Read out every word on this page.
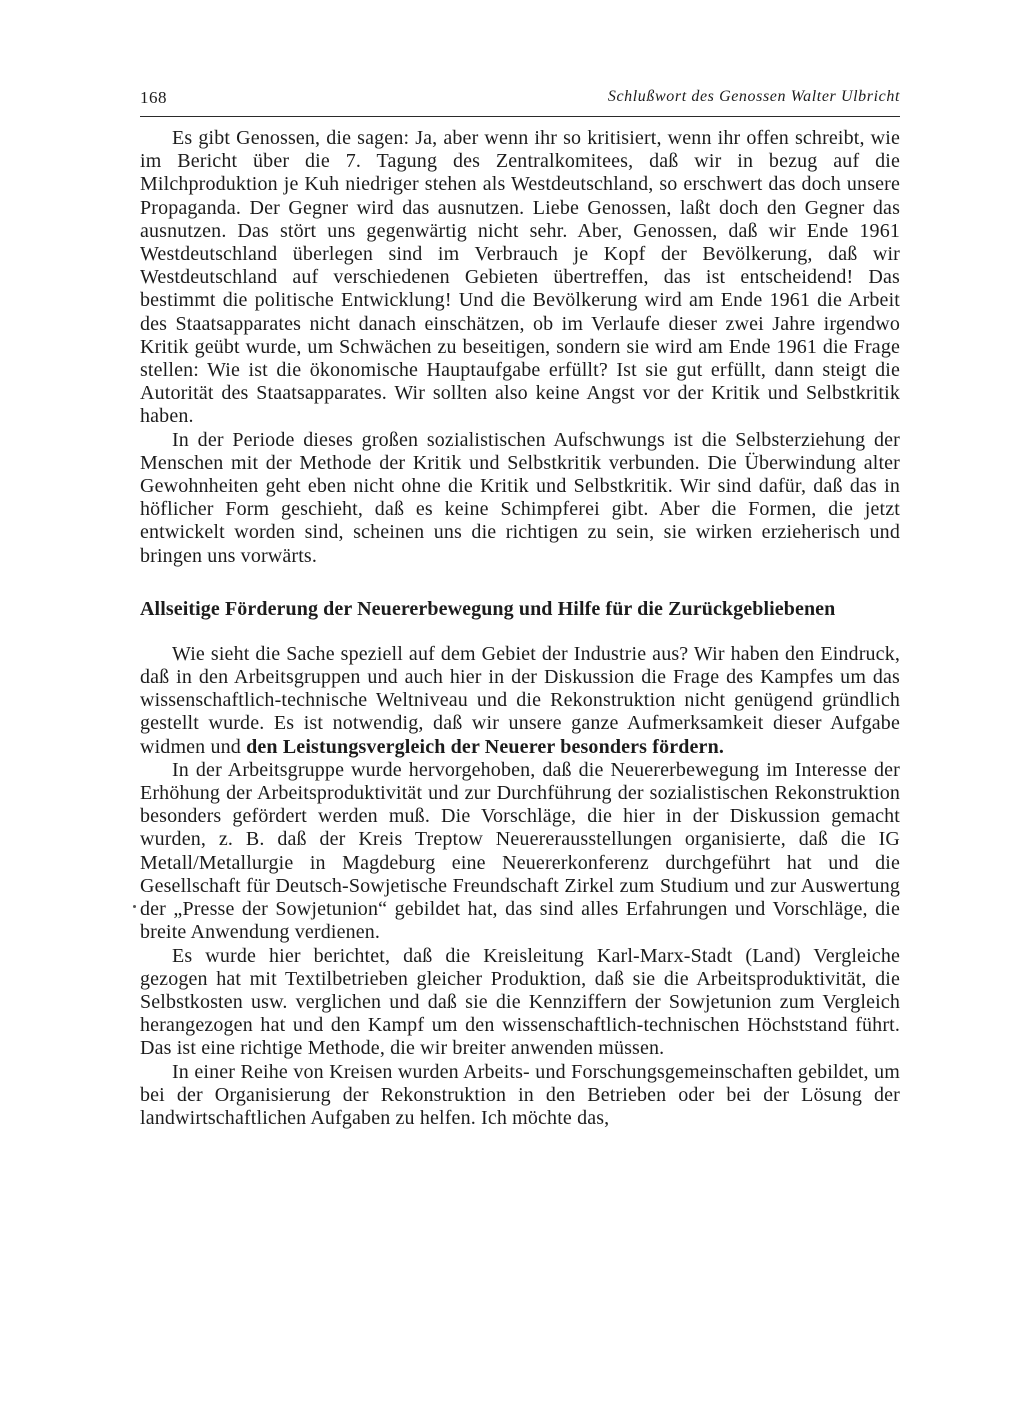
168	Schlußwort des Genossen Walter Ulbricht

Es gibt Genossen, die sagen: Ja, aber wenn ihr so kritisiert, wenn ihr offen schreibt, wie im Bericht über die 7. Tagung des Zentralkomitees, daß wir in bezug auf die Milchproduktion je Kuh niedriger stehen als Westdeutschland, so erschwert das doch unsere Propaganda. Der Gegner wird das ausnutzen. Liebe Genossen, laßt doch den Gegner das ausnutzen. Das stört uns gegenwärtig nicht sehr. Aber, Genossen, daß wir Ende 1961 Westdeutschland überlegen sind im Verbrauch je Kopf der Bevölkerung, daß wir Westdeutschland auf verschiedenen Gebieten übertreffen, das ist entscheidend! Das bestimmt die politische Entwicklung! Und die Bevölkerung wird am Ende 1961 die Arbeit des Staatsapparates nicht danach einschätzen, ob im Verlaufe dieser zwei Jahre irgendwo Kritik geübt wurde, um Schwächen zu beseitigen, sondern sie wird am Ende 1961 die Frage stellen: Wie ist die ökonomische Hauptaufgabe erfüllt? Ist sie gut erfüllt, dann steigt die Autorität des Staatsapparates. Wir sollten also keine Angst vor der Kritik und Selbstkritik haben.

In der Periode dieses großen sozialistischen Aufschwungs ist die Selbsterziehung der Menschen mit der Methode der Kritik und Selbstkritik verbunden. Die Überwindung alter Gewohnheiten geht eben nicht ohne die Kritik und Selbstkritik. Wir sind dafür, daß das in höflicher Form geschieht, daß es keine Schimpferei gibt. Aber die Formen, die jetzt entwickelt worden sind, scheinen uns die richtigen zu sein, sie wirken erzieherisch und bringen uns vorwärts.

Allseitige Förderung der Neuererbewegung und Hilfe für die Zurückgebliebenen

Wie sieht die Sache speziell auf dem Gebiet der Industrie aus? Wir haben den Eindruck, daß in den Arbeitsgruppen und auch hier in der Diskussion die Frage des Kampfes um das wissenschaftlich-technische Weltniveau und die Rekonstruktion nicht genügend gründlich gestellt wurde. Es ist notwendig, daß wir unsere ganze Aufmerksamkeit dieser Aufgabe widmen und den Leistungsvergleich der Neuerer besonders fördern.

In der Arbeitsgruppe wurde hervorgehoben, daß die Neuererbewegung im Interesse der Erhöhung der Arbeitsproduktivität und zur Durchführung der sozialistischen Rekonstruktion besonders gefördert werden muß. Die Vorschläge, die hier in der Diskussion gemacht wurden, z. B. daß der Kreis Treptow Neuererausstellungen organisierte, daß die IG Metall/Metallurgie in Magdeburg eine Neuererkonferenz durchgeführt hat und die Gesellschaft für Deutsch-Sowjetische Freundschaft Zirkel zum Studium und zur Auswertung der „Presse der Sowjetunion“ gebildet hat, das sind alles Erfahrungen und Vorschläge, die breite Anwendung verdienen.

Es wurde hier berichtet, daß die Kreisleitung Karl-Marx-Stadt (Land) Vergleiche gezogen hat mit Textilbetrieben gleicher Produktion, daß sie die Arbeitsproduktivität, die Selbstkosten usw. verglichen und daß sie die Kennziffern der Sowjetunion zum Vergleich herangezogen hat und den Kampf um den wissenschaftlich-technischen Höchststand führt. Das ist eine richtige Methode, die wir breiter anwenden müssen.

In einer Reihe von Kreisen wurden Arbeits- und Forschungsgemeinschaften gebildet, um bei der Organisierung der Rekonstruktion in den Betrieben oder bei der Lösung der landwirtschaftlichen Aufgaben zu helfen. Ich möchte das,
